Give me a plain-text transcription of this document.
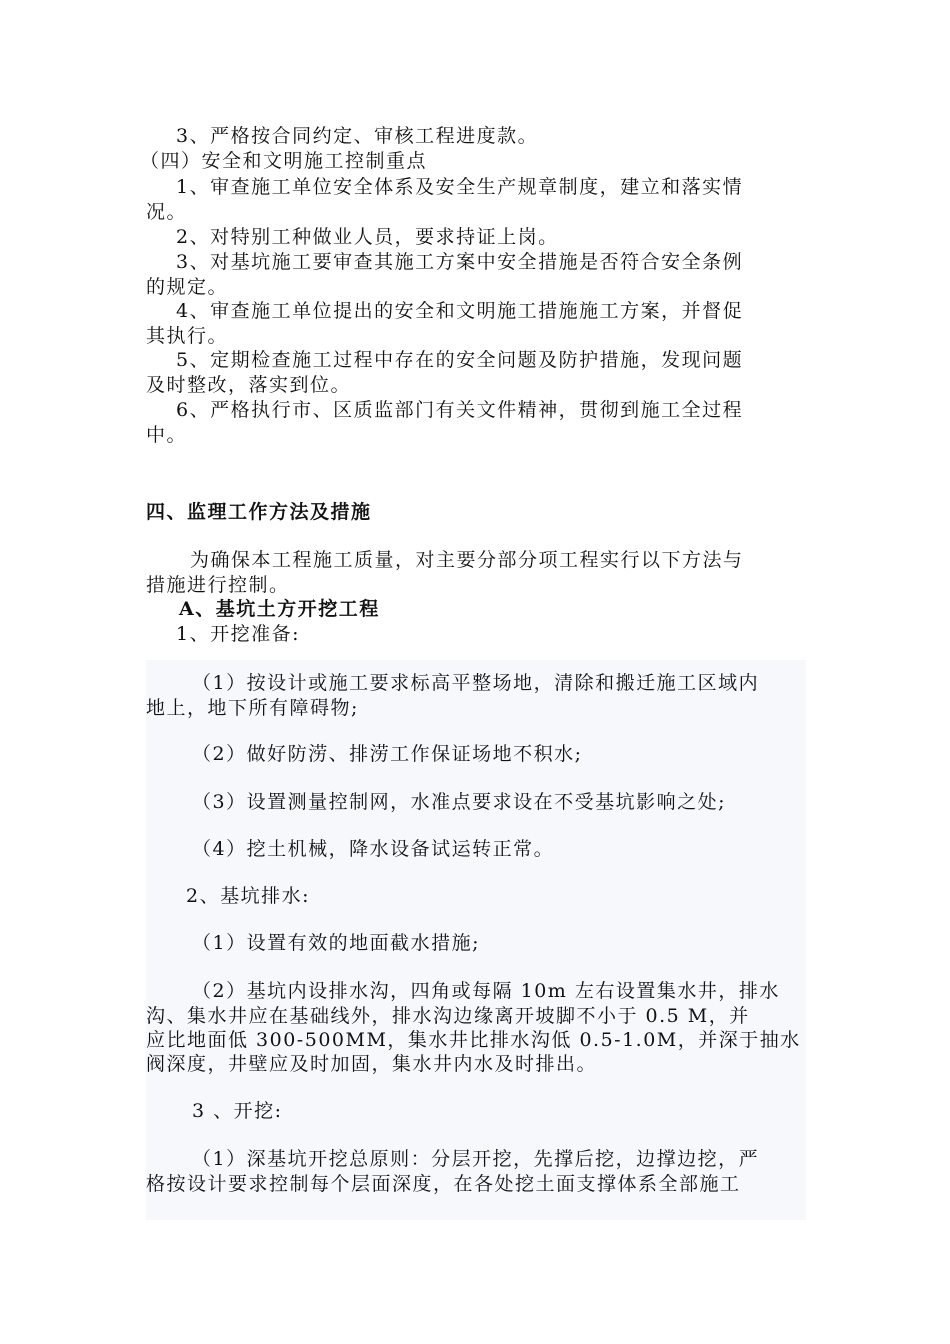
3、严格按合同约定、审核工程进度款。
（四）安全和文明施工控制重点
1、审查施工单位安全体系及安全生产规章制度，建立和落实情
况。
2、对特别工种做业人员，要求持证上岗。
3、对基坑施工要审查其施工方案中安全措施是否符合安全条例
的规定。
4、审查施工单位提出的安全和文明施工措施施工方案，并督促
其执行。
5、定期检查施工过程中存在的安全问题及防护措施，发现问题
及时整改，落实到位。
6、严格执行市、区质监部门有关文件精神，贯彻到施工全过程
中。
四、监理工作方法及措施
为确保本工程施工质量，对主要分部分项工程实行以下方法与
措施进行控制。
A、基坑土方开挖工程
1、开挖准备:
（1）按设计或施工要求标高平整场地，清除和搬迁施工区域内
地上，地下所有障碍物;
（2）做好防涝、排涝工作保证场地不积水;
（3）设置测量控制网，水准点要求设在不受基坑影响之处;
（4）挖土机械，降水设备试运转正常。
2、基坑排水:
（1）设置有效的地面截水措施;
（2）基坑内设排水沟，四角或每隔 10m 左右设置集水井，排水
沟、集水井应在基础线外，排水沟边缘离开坡脚不小于 0.5 M，并
应比地面低 300-500MM，集水井比排水沟低 0.5-1.0M，并深于抽水
阀深度，井壁应及时加固，集水井内水及时排出。
3 、开挖:
（1）深基坑开挖总原则：分层开挖，先撑后挖，边撑边挖，严
格按设计要求控制每个层面深度，在各处挖土面支撑体系全部施工
